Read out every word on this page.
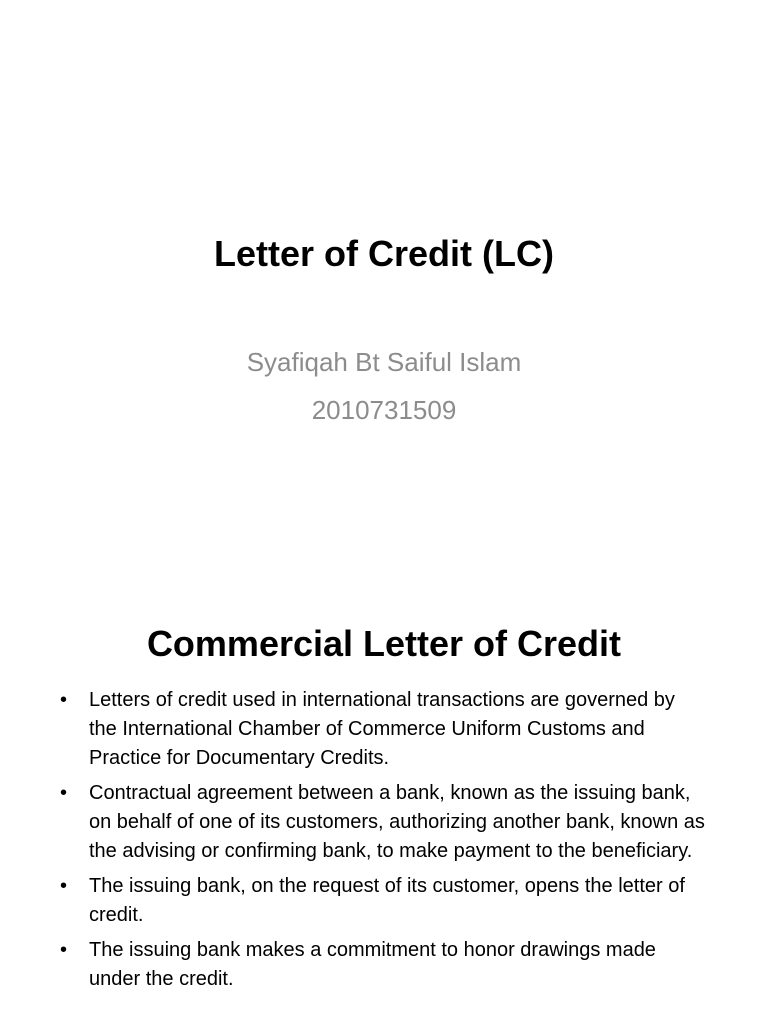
Letter of Credit (LC)
Syafiqah Bt Saiful Islam
2010731509
Commercial Letter of Credit
• Letters of credit used in international transactions are governed by the International Chamber of Commerce Uniform Customs and Practice for Documentary Credits.
• Contractual agreement between a bank, known as the issuing bank, on behalf of one of its customers, authorizing another bank, known as the advising or confirming bank, to make payment to the beneficiary.
• The issuing bank, on the request of its customer, opens the letter of credit.
• The issuing bank makes a commitment to honor drawings made under the credit.
